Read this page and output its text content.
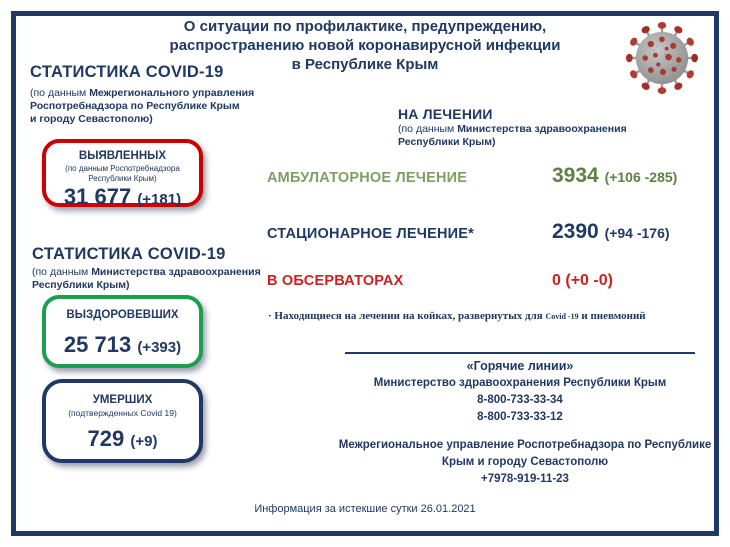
О ситуации по профилактике, предупреждению,
распространению новой коронавирусной инфекции
в Республике Крым
СТАТИСТИКА COVID-19
(по данным Межрегионального управления
Роспотребнадзора по Республике Крым
и городу Севастополю)
ВЫЯВЛЕННЫХ
(по данным Роспотребнадзора
Республики Крым)
31 677 (+181)
СТАТИСТИКА COVID-19
(по данным Министерства здравоохранения
Республики Крым)
ВЫЗДОРОВЕВШИХ
25 713 (+393)
УМЕРШИХ
(подтвержденных Covid 19)
729 (+9)
НА ЛЕЧЕНИИ
(по данным Министерства здравоохранения
Республики Крым)
АМБУЛАТОРНОЕ ЛЕЧЕНИЕ	3934 (+106 -285)
СТАЦИОНАРНОЕ ЛЕЧЕНИЕ*	2390 (+94 -176)
В ОБСЕРВАТОРАХ	0 (+0 -0)
· Находящиеся на лечении на койках, развернутых для Covid -19 и пневмоний
«Горячие линии»
Министерство здравоохранения Республики Крым
8-800-733-33-34
8-800-733-33-12
Межрегиональное управление Роспотребнадзора по Республике
Крым и городу Севастополю
+7978-919-11-23
Информация за истекшие сутки 26.01.2021
